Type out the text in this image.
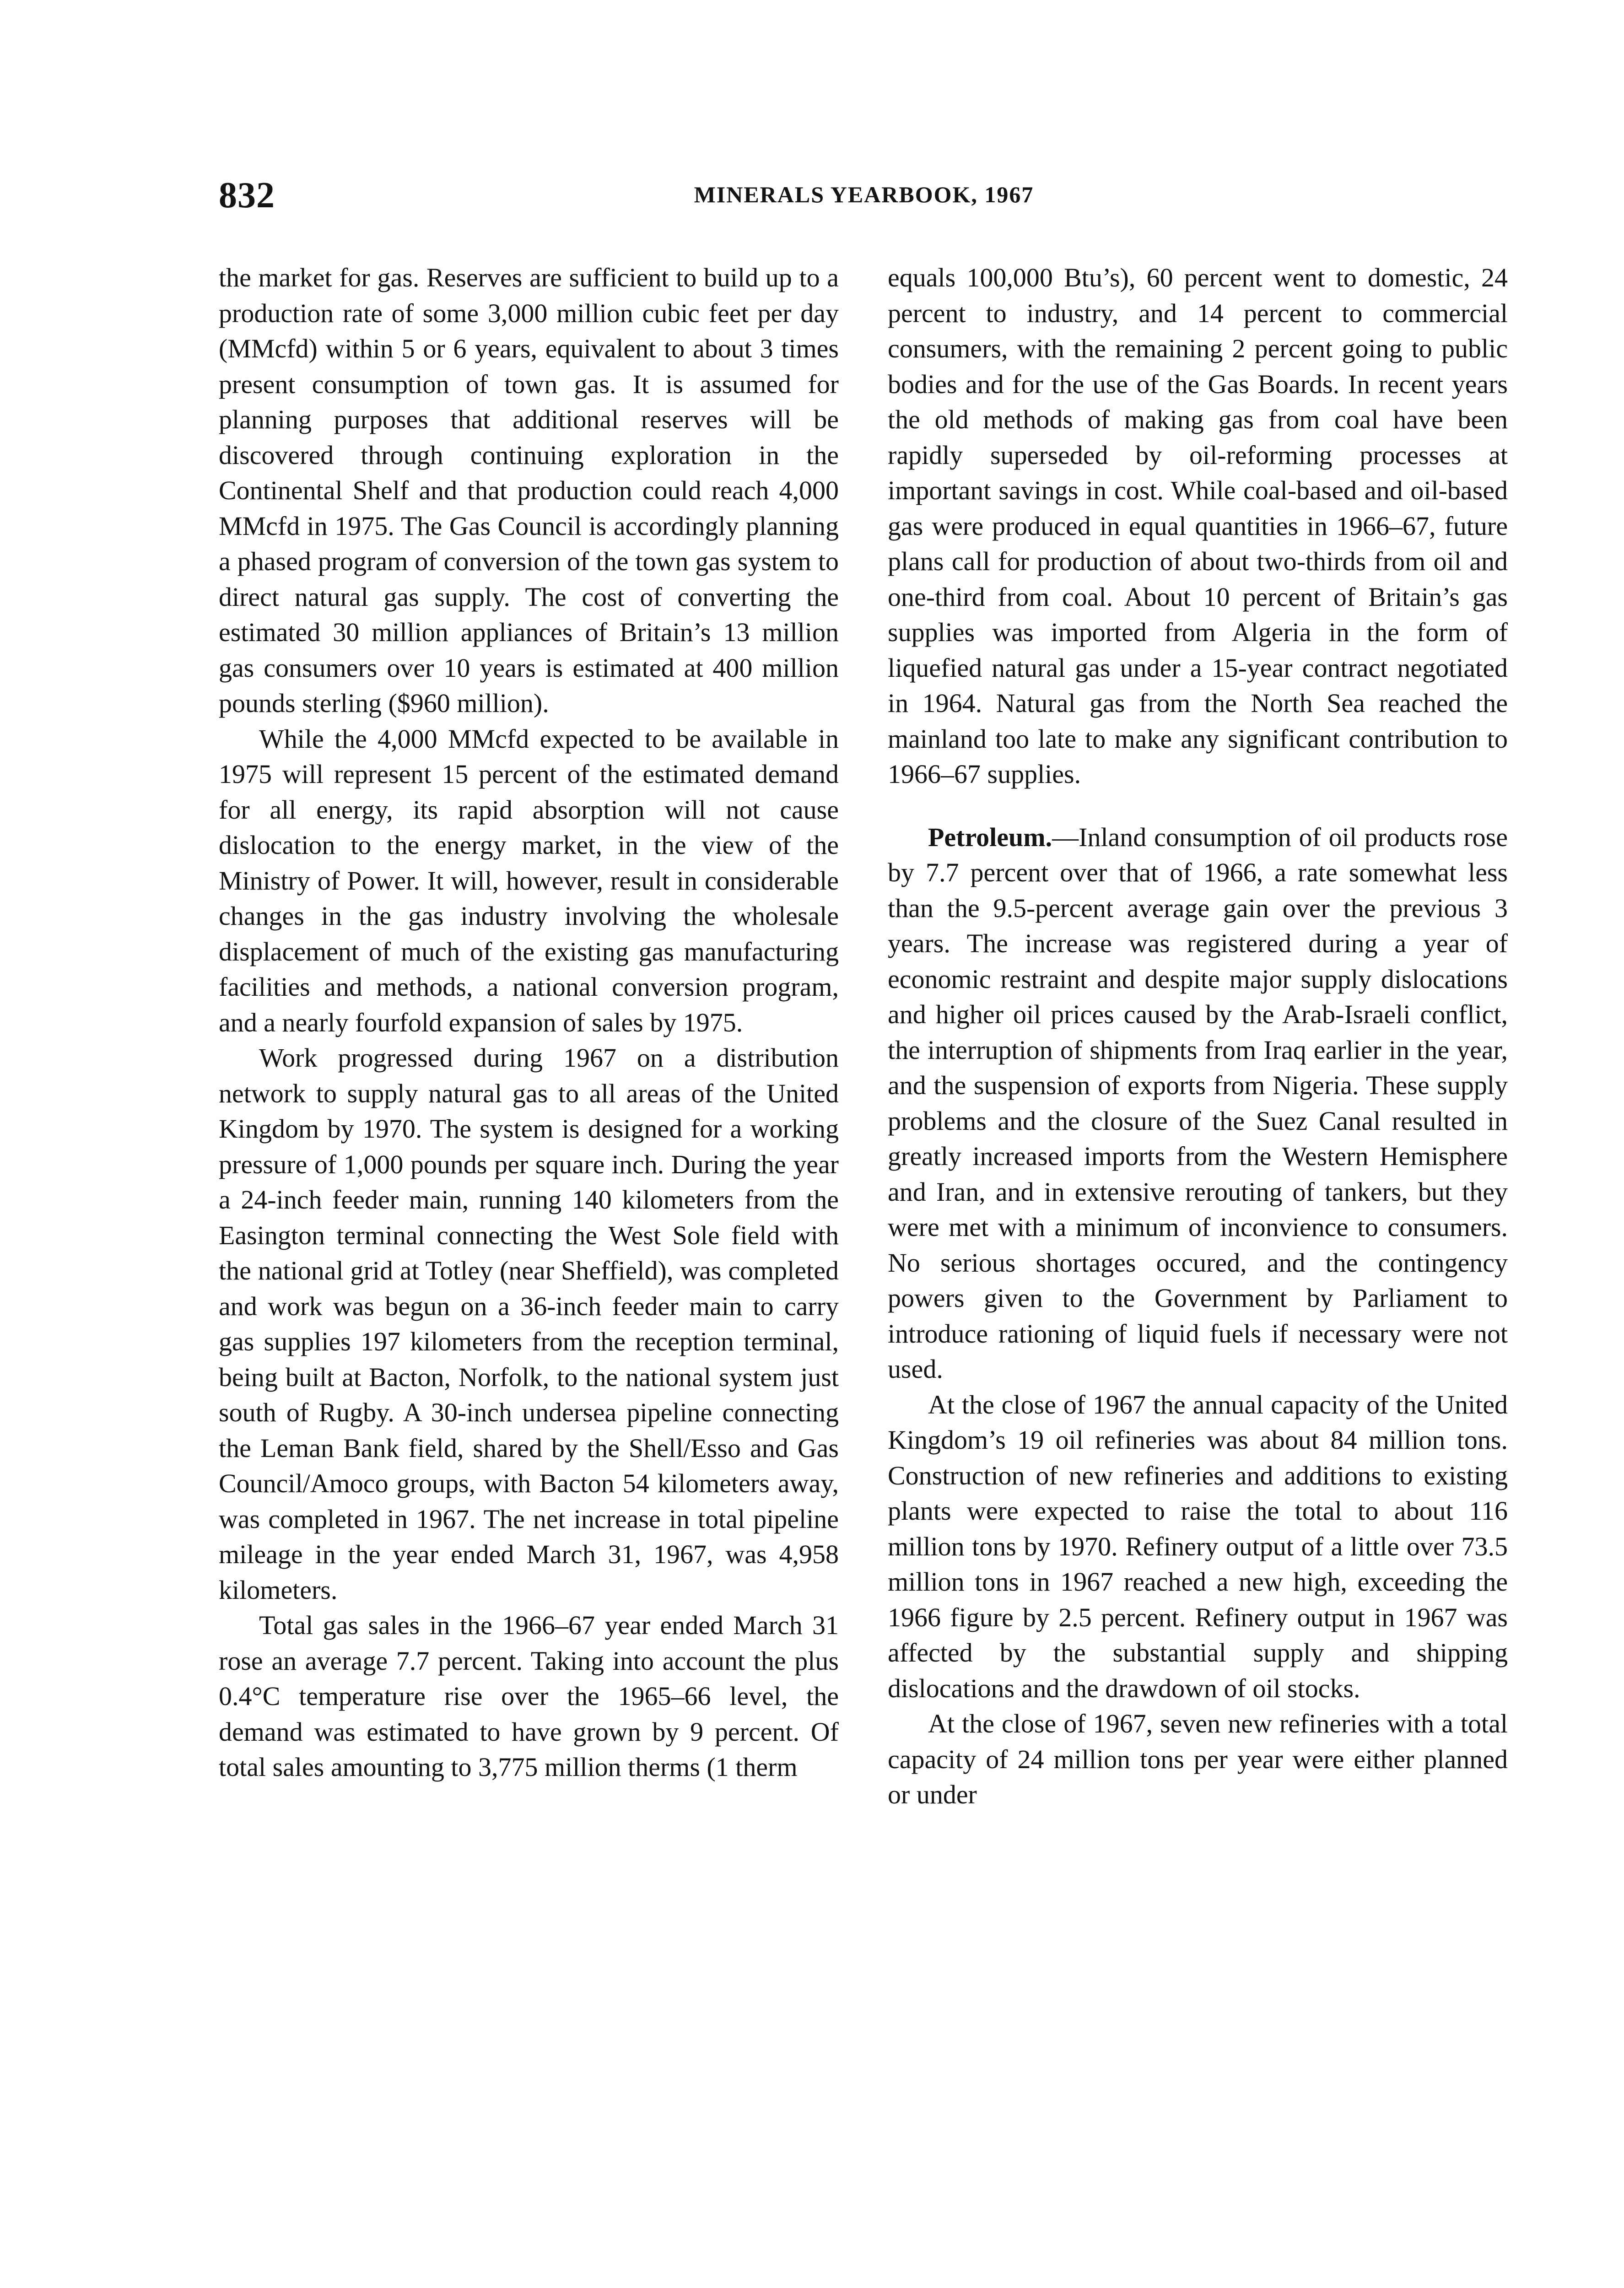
832	MINERALS YEARBOOK, 1967

the market for gas. Reserves are sufficient to build up to a production rate of some 3,000 million cubic feet per day (MMcfd) within 5 or 6 years, equivalent to about 3 times present consumption of town gas. It is assumed for planning purposes that additional reserves will be discovered through continuing exploration in the Continental Shelf and that production could reach 4,000 MMcfd in 1975. The Gas Council is accordingly planning a phased program of conversion of the town gas system to direct natural gas supply. The cost of converting the estimated 30 million appliances of Britain’s 13 million gas consumers over 10 years is estimated at 400 million pounds sterling ($960 million).

While the 4,000 MMcfd expected to be available in 1975 will represent 15 percent of the estimated demand for all energy, its rapid absorption will not cause dislocation to the energy market, in the view of the Ministry of Power. It will, however, result in considerable changes in the gas industry involving the wholesale displacement of much of the existing gas manufacturing facilities and methods, a national conversion program, and a nearly fourfold expansion of sales by 1975.

Work progressed during 1967 on a distribution network to supply natural gas to all areas of the United Kingdom by 1970. The system is designed for a working pressure of 1,000 pounds per square inch. During the year a 24-inch feeder main, running 140 kilometers from the Easington terminal connecting the West Sole field with the national grid at Totley (near Sheffield), was completed and work was begun on a 36-inch feeder main to carry gas supplies 197 kilometers from the reception terminal, being built at Bacton, Norfolk, to the national system just south of Rugby. A 30-inch undersea pipeline connecting the Leman Bank field, shared by the Shell/Esso and Gas Council/Amoco groups, with Bacton 54 kilometers away, was completed in 1967. The net increase in total pipeline mileage in the year ended March 31, 1967, was 4,958 kilometers.

Total gas sales in the 1966–67 year ended March 31 rose an average 7.7 percent. Taking into account the plus 0.4°C temperature rise over the 1965–66 level, the demand was estimated to have grown by 9 percent. Of total sales amounting to 3,775 million therms (1 therm

equals 100,000 Btu’s), 60 percent went to domestic, 24 percent to industry, and 14 percent to commercial consumers, with the remaining 2 percent going to public bodies and for the use of the Gas Boards. In recent years the old methods of making gas from coal have been rapidly superseded by oil-reforming processes at important savings in cost. While coal-based and oil-based gas were produced in equal quantities in 1966–67, future plans call for production of about two-thirds from oil and one-third from coal. About 10 percent of Britain’s gas supplies was imported from Algeria in the form of liquefied natural gas under a 15-year contract negotiated in 1964. Natural gas from the North Sea reached the mainland too late to make any significant contribution to 1966–67 supplies.

Petroleum.—Inland consumption of oil products rose by 7.7 percent over that of 1966, a rate somewhat less than the 9.5-percent average gain over the previous 3 years. The increase was registered during a year of economic restraint and despite major supply dislocations and higher oil prices caused by the Arab-Israeli conflict, the interruption of shipments from Iraq earlier in the year, and the suspension of exports from Nigeria. These supply problems and the closure of the Suez Canal resulted in greatly increased imports from the Western Hemisphere and Iran, and in extensive rerouting of tankers, but they were met with a minimum of inconvience to consumers. No serious shortages occured, and the contingency powers given to the Government by Parliament to introduce rationing of liquid fuels if necessary were not used.

At the close of 1967 the annual capacity of the United Kingdom’s 19 oil refineries was about 84 million tons. Construction of new refineries and additions to existing plants were expected to raise the total to about 116 million tons by 1970. Refinery output of a little over 73.5 million tons in 1967 reached a new high, exceeding the 1966 figure by 2.5 percent. Refinery output in 1967 was affected by the substantial supply and shipping dislocations and the drawdown of oil stocks.

At the close of 1967, seven new refineries with a total capacity of 24 million tons per year were either planned or under
